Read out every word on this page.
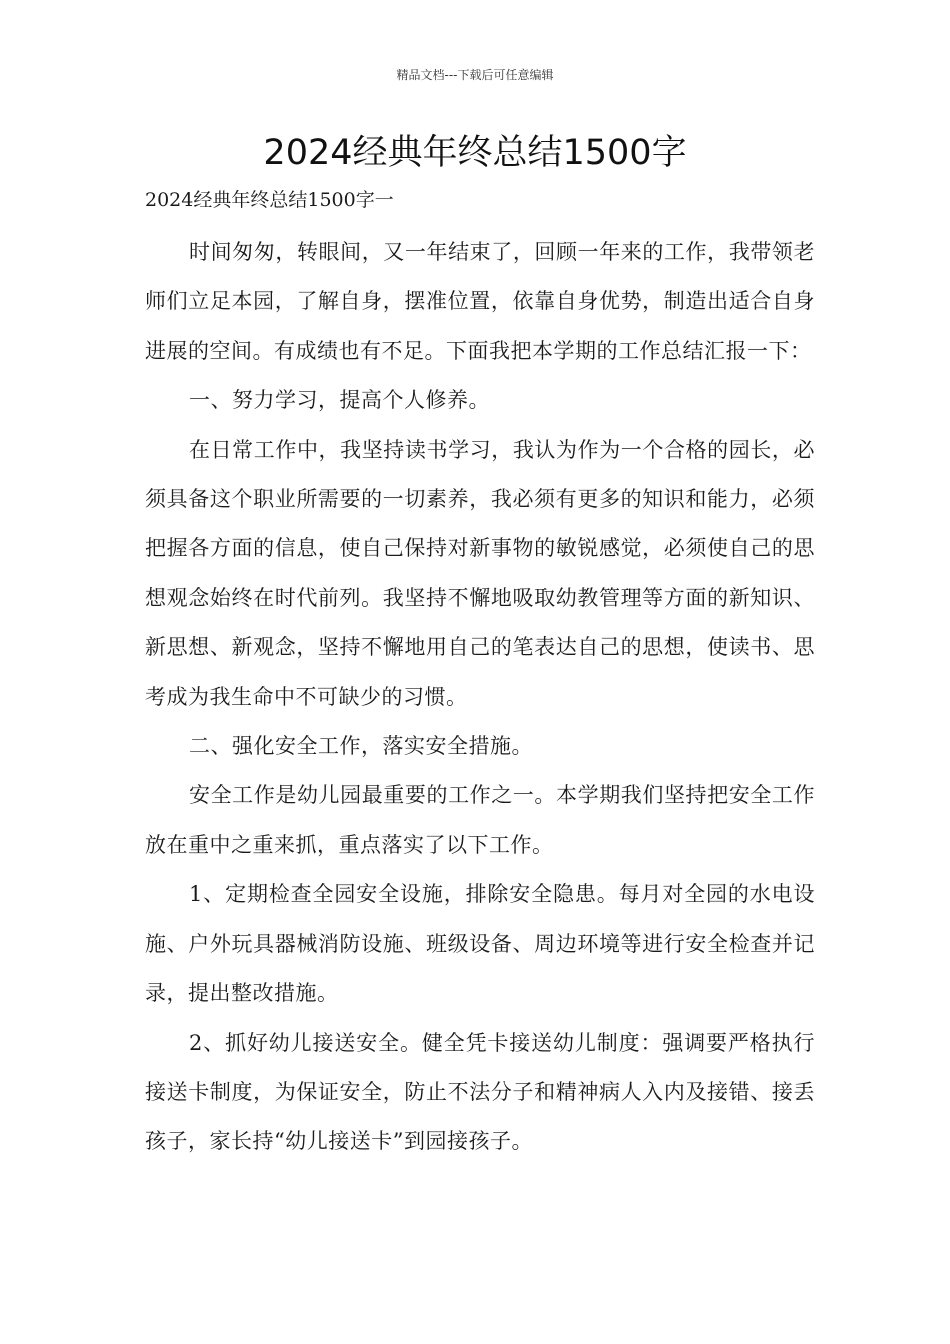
精品文档---下载后可任意编辑
2024经典年终总结1500字

2024经典年终总结1500字一

时间匆匆，转眼间，又一年结束了，回顾一年来的工作，我带领老师们立足本园，了解自身，摆准位置，依靠自身优势，制造出适合自身进展的空间。有成绩也有不足。下面我把本学期的工作总结汇报一下：

一、努力学习，提高个人修养。

在日常工作中，我坚持读书学习，我认为作为一个合格的园长，必须具备这个职业所需要的一切素养，我必须有更多的知识和能力，必须把握各方面的信息，使自己保持对新事物的敏锐感觉，必须使自己的思想观念始终在时代前列。我坚持不懈地吸取幼教管理等方面的新知识、新思想、新观念，坚持不懈地用自己的笔表达自己的思想，使读书、思考成为我生命中不可缺少的习惯。

二、强化安全工作，落实安全措施。

安全工作是幼儿园最重要的工作之一。本学期我们坚持把安全工作放在重中之重来抓，重点落实了以下工作。

1、定期检查全园安全设施，排除安全隐患。每月对全园的水电设施、户外玩具器械消防设施、班级设备、周边环境等进行安全检查并记录，提出整改措施。

2、抓好幼儿接送安全。健全凭卡接送幼儿制度：强调要严格执行接送卡制度，为保证安全，防止不法分子和精神病人入内及接错、接丢孩子，家长持“幼儿接送卡”到园接孩子。
